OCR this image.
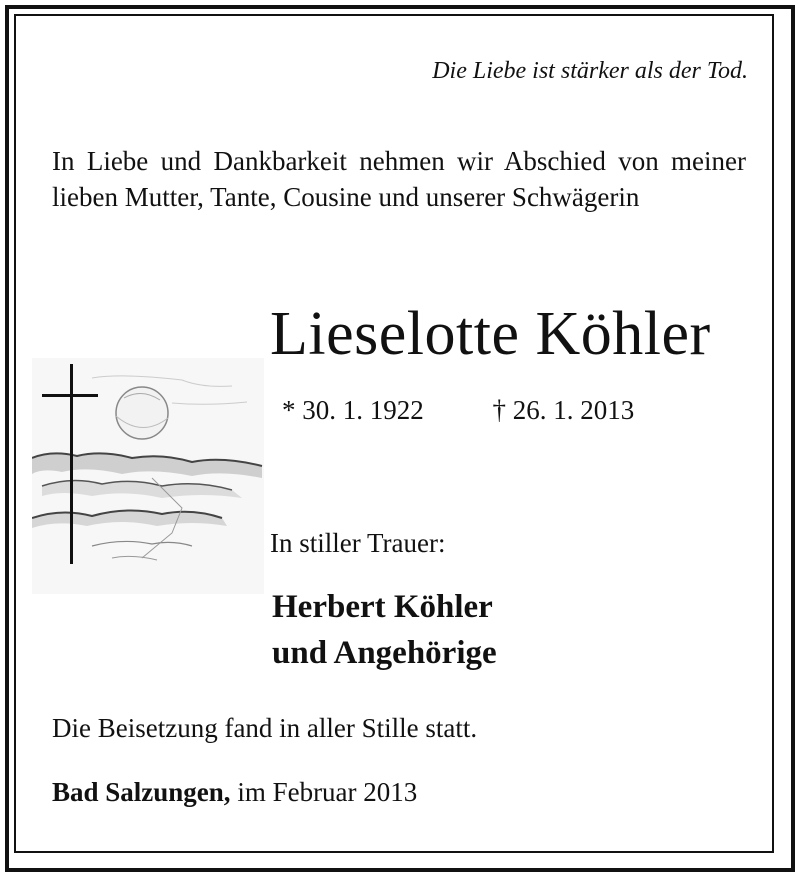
Die Liebe ist stärker als der Tod.
In Liebe und Dankbarkeit nehmen wir Abschied von meiner lieben Mutter, Tante, Cousine und unserer Schwägerin
Lieselotte Köhler
* 30. 1. 1922	† 26. 1. 2013
In stiller Trauer:
Herbert Köhler
und Angehörige
Die Beisetzung fand in aller Stille statt.
Bad Salzungen, im Februar 2013
